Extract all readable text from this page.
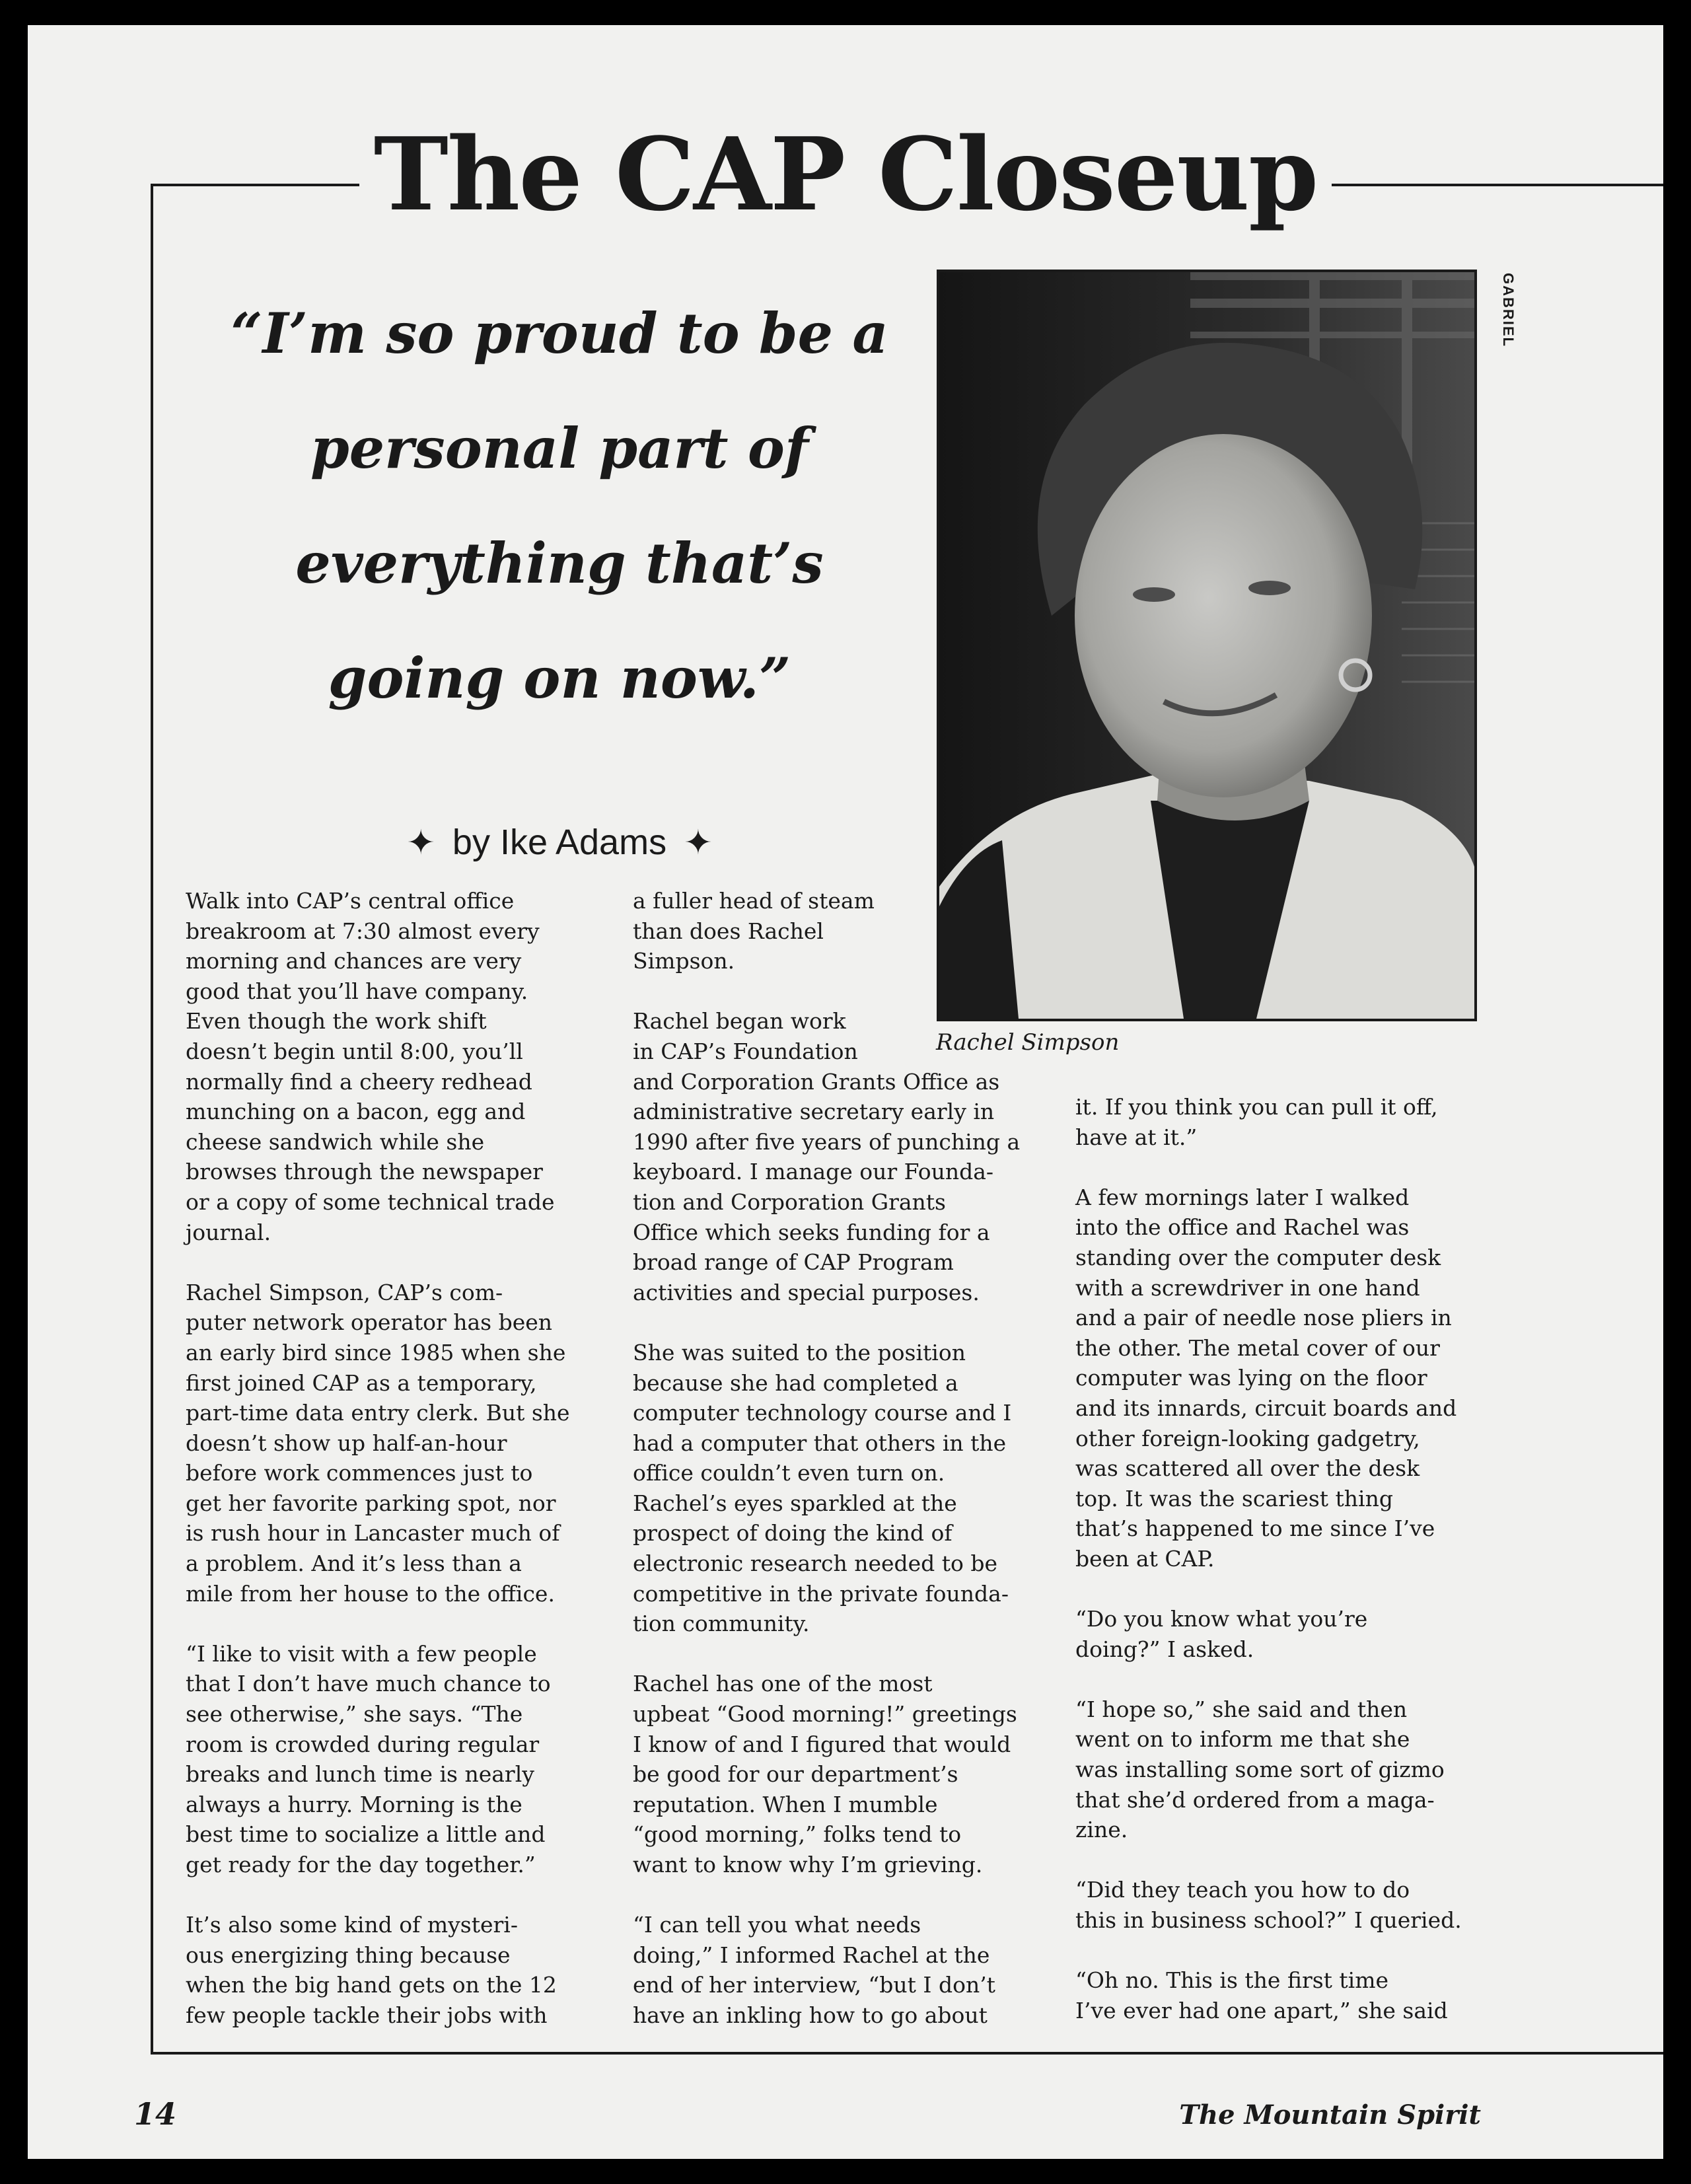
The CAP Closeup
“I’m so proud to be a
personal part of
everything that’s
going on now.”
✦ by Ike Adams ✦
GABRIEL
Rachel Simpson

Walk into CAP’s central office
breakroom at 7:30 almost every
morning and chances are very
good that you’ll have company.
Even though the work shift
doesn’t begin until 8:00, you’ll
normally find a cheery redhead
munching on a bacon, egg and
cheese sandwich while she
browses through the newspaper
or a copy of some technical trade
journal.

Rachel Simpson, CAP’s com-
puter network operator has been
an early bird since 1985 when she
first joined CAP as a temporary,
part-time data entry clerk. But she
doesn’t show up half-an-hour
before work commences just to
get her favorite parking spot, nor
is rush hour in Lancaster much of
a problem. And it’s less than a
mile from her house to the office.

“I like to visit with a few people
that I don’t have much chance to
see otherwise,” she says. “The
room is crowded during regular
breaks and lunch time is nearly
always a hurry. Morning is the
best time to socialize a little and
get ready for the day together.”

It’s also some kind of mysteri-
ous energizing thing because
when the big hand gets on the 12
few people tackle their jobs with

a fuller head of steam
than does Rachel
Simpson.

Rachel began work
in CAP’s Foundation
and Corporation Grants Office as
administrative secretary early in
1990 after five years of punching a
keyboard. I manage our Founda-
tion and Corporation Grants
Office which seeks funding for a
broad range of CAP Program
activities and special purposes.

She was suited to the position
because she had completed a
computer technology course and I
had a computer that others in the
office couldn’t even turn on.
Rachel’s eyes sparkled at the
prospect of doing the kind of
electronic research needed to be
competitive in the private founda-
tion community.

Rachel has one of the most
upbeat “Good morning!” greetings
I know of and I figured that would
be good for our department’s
reputation. When I mumble
“good morning,” folks tend to
want to know why I’m grieving.

“I can tell you what needs
doing,” I informed Rachel at the
end of her interview, “but I don’t
have an inkling how to go about

it. If you think you can pull it off,
have at it.”

A few mornings later I walked
into the office and Rachel was
standing over the computer desk
with a screwdriver in one hand
and a pair of needle nose pliers in
the other. The metal cover of our
computer was lying on the floor
and its innards, circuit boards and
other foreign-looking gadgetry,
was scattered all over the desk
top. It was the scariest thing
that’s happened to me since I’ve
been at CAP.

“Do you know what you’re
doing?” I asked.

“I hope so,” she said and then
went on to inform me that she
was installing some sort of gizmo
that she’d ordered from a maga-
zine.

“Did they teach you how to do
this in business school?” I queried.

“Oh no. This is the first time
I’ve ever had one apart,” she said

14	The Mountain Spirit
